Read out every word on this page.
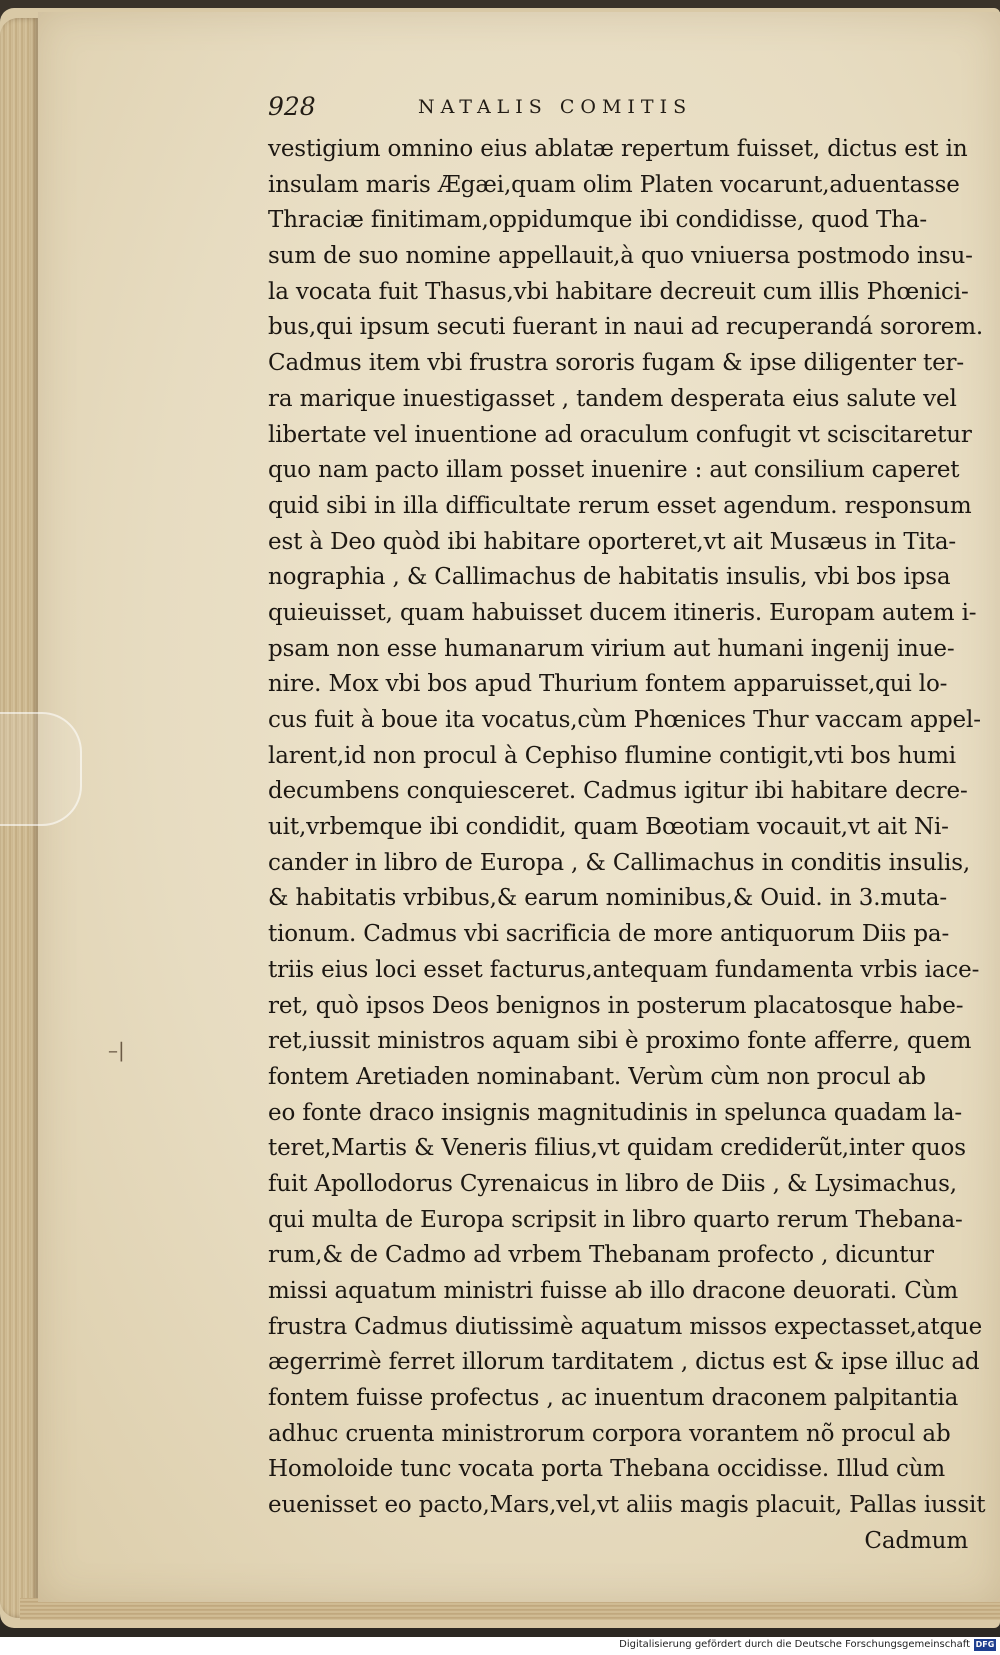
–|
928	NATALIS COMITIS
vestigium omnino eius ablatæ repertum fuisset, dictus est in
insulam maris Ægæi,quam olim Platen vocarunt,aduentasse
Thraciæ finitimam,oppidumque ibi condidisse, quod Tha-
sum de suo nomine appellauit,à quo vniuersa postmodo insu-
la vocata fuit Thasus,vbi habitare decreuit cum illis Phœnici-
bus,qui ipsum secuti fuerant in naui ad recuperandá sororem.
Cadmus item vbi frustra sororis fugam & ipse diligenter ter-
ra marique inuestigasset , tandem desperata eius salute vel
libertate vel inuentione ad oraculum confugit vt sciscitaretur
quo nam pacto illam posset inuenire : aut consilium caperet
quid sibi in illa difficultate rerum esset agendum. responsum
est à Deo quòd ibi habitare oporteret,vt ait Musæus in Tita-
nographia , & Callimachus de habitatis insulis, vbi bos ipsa
quieuisset, quam habuisset ducem itineris. Europam autem i-
psam non esse humanarum virium aut humani ingenij inue-
nire. Mox vbi bos apud Thurium fontem apparuisset,qui lo-
cus fuit à boue ita vocatus,cùm Phœnices Thur vaccam appel-
larent,id non procul à Cephiso flumine contigit,vti bos humi
decumbens conquiesceret. Cadmus igitur ibi habitare decre-
uit,vrbemque ibi condidit, quam Bœotiam vocauit,vt ait Ni-
cander in libro de Europa , & Callimachus in conditis insulis,
& habitatis vrbibus,& earum nominibus,& Ouid. in 3.muta-
tionum. Cadmus vbi sacrificia de more antiquorum Diis pa-
triis eius loci esset facturus,antequam fundamenta vrbis iace-
ret, quò ipsos Deos benignos in posterum placatosque habe-
ret,iussit ministros aquam sibi è proximo fonte afferre, quem
fontem Aretiaden nominabant. Verùm cùm non procul ab
eo fonte draco insignis magnitudinis in spelunca quadam la-
teret,Martis & Veneris filius,vt quidam crediderũt,inter quos
fuit Apollodorus Cyrenaicus in libro de Diis , & Lysimachus,
qui multa de Europa scripsit in libro quarto rerum Thebana-
rum,& de Cadmo ad vrbem Thebanam profecto , dicuntur
missi aquatum ministri fuisse ab illo dracone deuorati. Cùm
frustra Cadmus diutissimè aquatum missos expectasset,atque
ægerrimè ferret illorum tarditatem , dictus est & ipse illuc ad
fontem fuisse profectus , ac inuentum draconem palpitantia
adhuc cruenta ministrorum corpora vorantem nõ procul ab
Homoloide tunc vocata porta Thebana occidisse. Illud cùm
euenisset eo pacto,Mars,vel,vt aliis magis placuit, Pallas iussit
Cadmum
Digitalisierung gefördert durch die Deutsche Forschungsgemeinschaft DFG
